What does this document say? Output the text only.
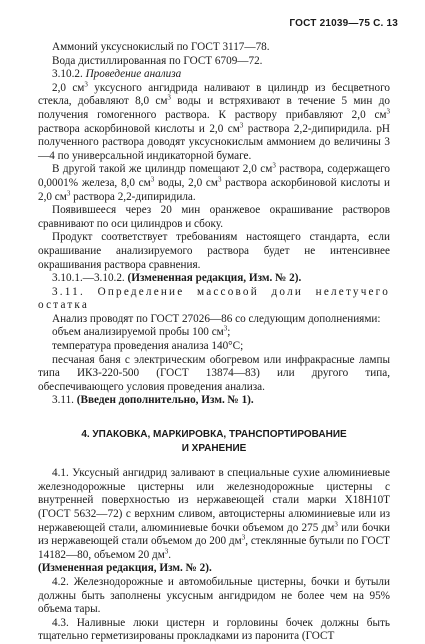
ГОСТ 21039—75 С. 13

Аммоний уксуснокислый по ГОСТ 3117—78.

Вода дистиллированная по ГОСТ 6709—72.

3.10.2. Проведение анализа

2,0 $см^3$ уксусного ангидрида наливают в цилиндр из бесцветного стекла, добавляют 8,0 $см^3$ воды и встряхивают в течение 5 мин до получения гомогенного раствора. К раствору прибавляют 2,0 $см^3$ раствора аскорбиновой кислоты и 2,0 $см^3$ раствора 2,2-дипиридила. pH полученного раствора доводят уксуснокислым аммонием до величины 3—4 по универсальной индикаторной бумаге.

В другой такой же цилиндр помещают 2,0 $см^3$ раствора, содержащего 0,0001% железа, 8,0 $см^3$ воды, 2,0 $см^3$ раствора аскорбиновой кислоты и 2,0 $см^3$ раствора 2,2-дипиридила.

Появившееся через 20 мин оранжевое окрашивание растворов сравнивают по оси цилиндров и сбоку.

Продукт соответствует требованиям настоящего стандарта, если окрашивание анализируемого раствора будет не интенсивнее окрашивания раствора сравнения.

3.10.1.—3.10.2. (Измененная редакция, Изм. № 2).

3.11. Определение массовой доли нелетучего остатка

Анализ проводят по ГОСТ 27026—86 со следующим дополнениями:

объем анализируемой пробы 100 $см^3$;

температура проведения анализа 140°С;

песчаная баня с электрическим обогревом или инфракрасные лампы типа ИКЗ-220-500 (ГОСТ 13874—83) или другого типа, обеспечивающего условия проведения анализа.

3.11. (Введен дополнительно, Изм. № 1).

4. УПАКОВКА, МАРКИРОВКА, ТРАНСПОРТИРОВАНИЕ
И ХРАНЕНИЕ

4.1. Уксусный ангидрид заливают в специальные сухие алюминиевые железнодорожные цистерны или железнодорожные цистерны с внутренней поверхностью из нержавеющей стали марки Х18Н10Т (ГОСТ 5632—72) с верхним сливом, автоцистерны алюминиевые или из нержавеющей стали, алюминиевые бочки объемом до 275 $дм^3$ или бочки из нержавеющей стали объемом до 200 $дм^3$, стеклянные бутыли по ГОСТ 14182—80, объемом 20 $дм^3$.

(Измененная редакция, Изм. № 2).

4.2. Железнодорожные и автомобильные цистерны, бочки и бутыли должны быть заполнены уксусным ангидридом не более чем на 95% объема тары.

4.3. Наливные люки цистерн и горловины бочек должны быть тщательно герметизированы прокладками из паронита (ГОСТ
